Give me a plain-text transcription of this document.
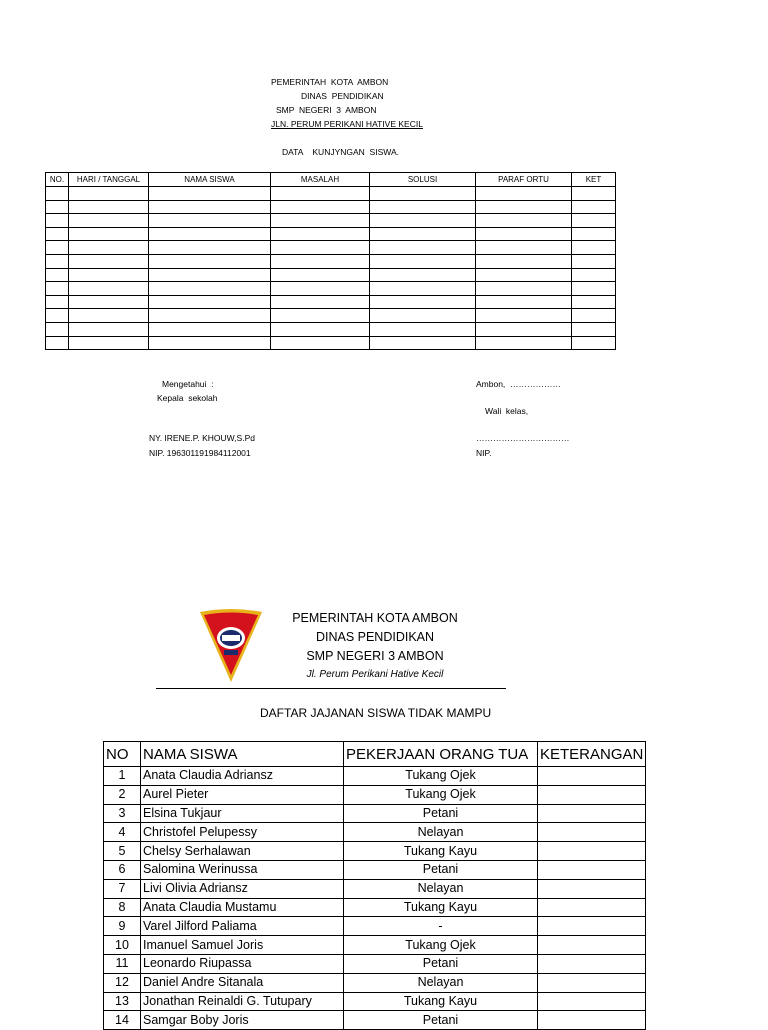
PEMERINTAH  KOTA  AMBON
DINAS  PENDIDIKAN
SMP  NEGERI  3  AMBON
JLN. PERUM PERIKANI HATIVE KECIL
DATA    KUNJYNGAN  SISWA.
NO.	HARI / TANGGAL	NAMA SISWA	MASALAH	SOLUSI	PARAF ORTU	KET

Mengetahui  :
Kepala  sekolah
NY. IRENE.P. KHOUW,S.Pd
NIP. 196301191984112001
Ambon,  ………………
Wali  kelas,
……………………………
NIP.
PEMERINTAH KOTA AMBON
DINAS PENDIDIKAN
SMP NEGERI 3 AMBON
Jl. Perum Perikani Hative Kecil
DAFTAR JAJANAN SISWA TIDAK MAMPU
NO	NAMA SISWA	PEKERJAAN ORANG TUA	KETERANGAN
1	Anata Claudia Adriansz	Tukang Ojek	
2	Aurel Pieter	Tukang Ojek	
3	Elsina Tukjaur	Petani	
4	Christofel Pelupessy	Nelayan	
5	Chelsy Serhalawan	Tukang Kayu	
6	Salomina Werinussa	Petani	
7	Livi Olivia Adriansz	Nelayan	
8	Anata Claudia Mustamu	Tukang Kayu	
9	Varel Jilford Paliama	-	
10	Imanuel Samuel Joris	Tukang Ojek	
11	Leonardo Riupassa	Petani	
12	Daniel Andre Sitanala	Nelayan	
13	Jonathan Reinaldi G. Tutupary	Tukang Kayu	
14	Samgar Boby Joris	Petani	
